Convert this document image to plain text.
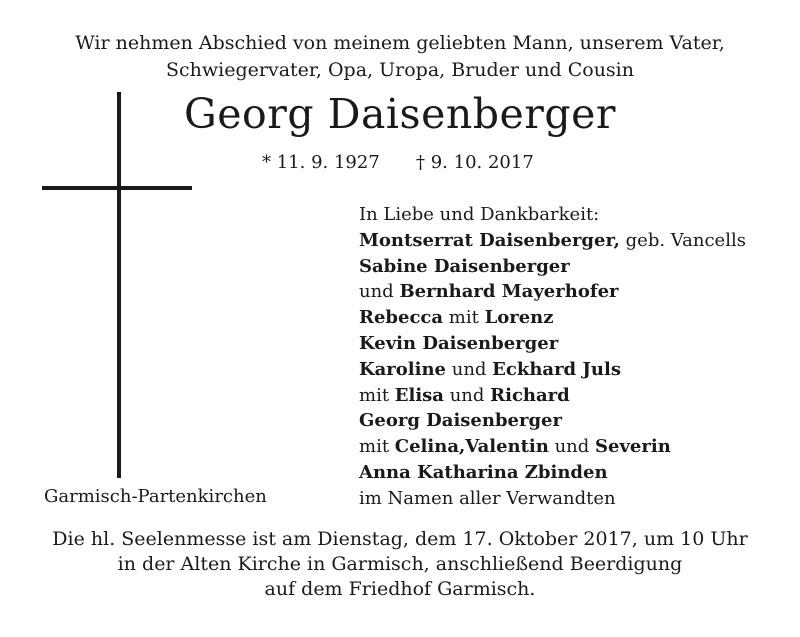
Wir nehmen Abschied von meinem geliebten Mann, unserem Vater,
Schwiegervater, Opa, Uropa, Bruder und Cousin
Georg Daisenberger
* 11. 9. 1927 † 9. 10. 2017
In Liebe und Dankbarkeit:
Montserrat Daisenberger, geb. Vancells
Sabine Daisenberger
und Bernhard Mayerhofer
Rebecca mit Lorenz
Kevin Daisenberger
Karoline und Eckhard Juls
mit Elisa und Richard
Georg Daisenberger
mit Celina,Valentin und Severin
Anna Katharina Zbinden
im Namen aller Verwandten
Garmisch-Partenkirchen
Die hl. Seelenmesse ist am Dienstag, dem 17. Oktober 2017, um 10 Uhr
in der Alten Kirche in Garmisch, anschließend Beerdigung
auf dem Friedhof Garmisch.
